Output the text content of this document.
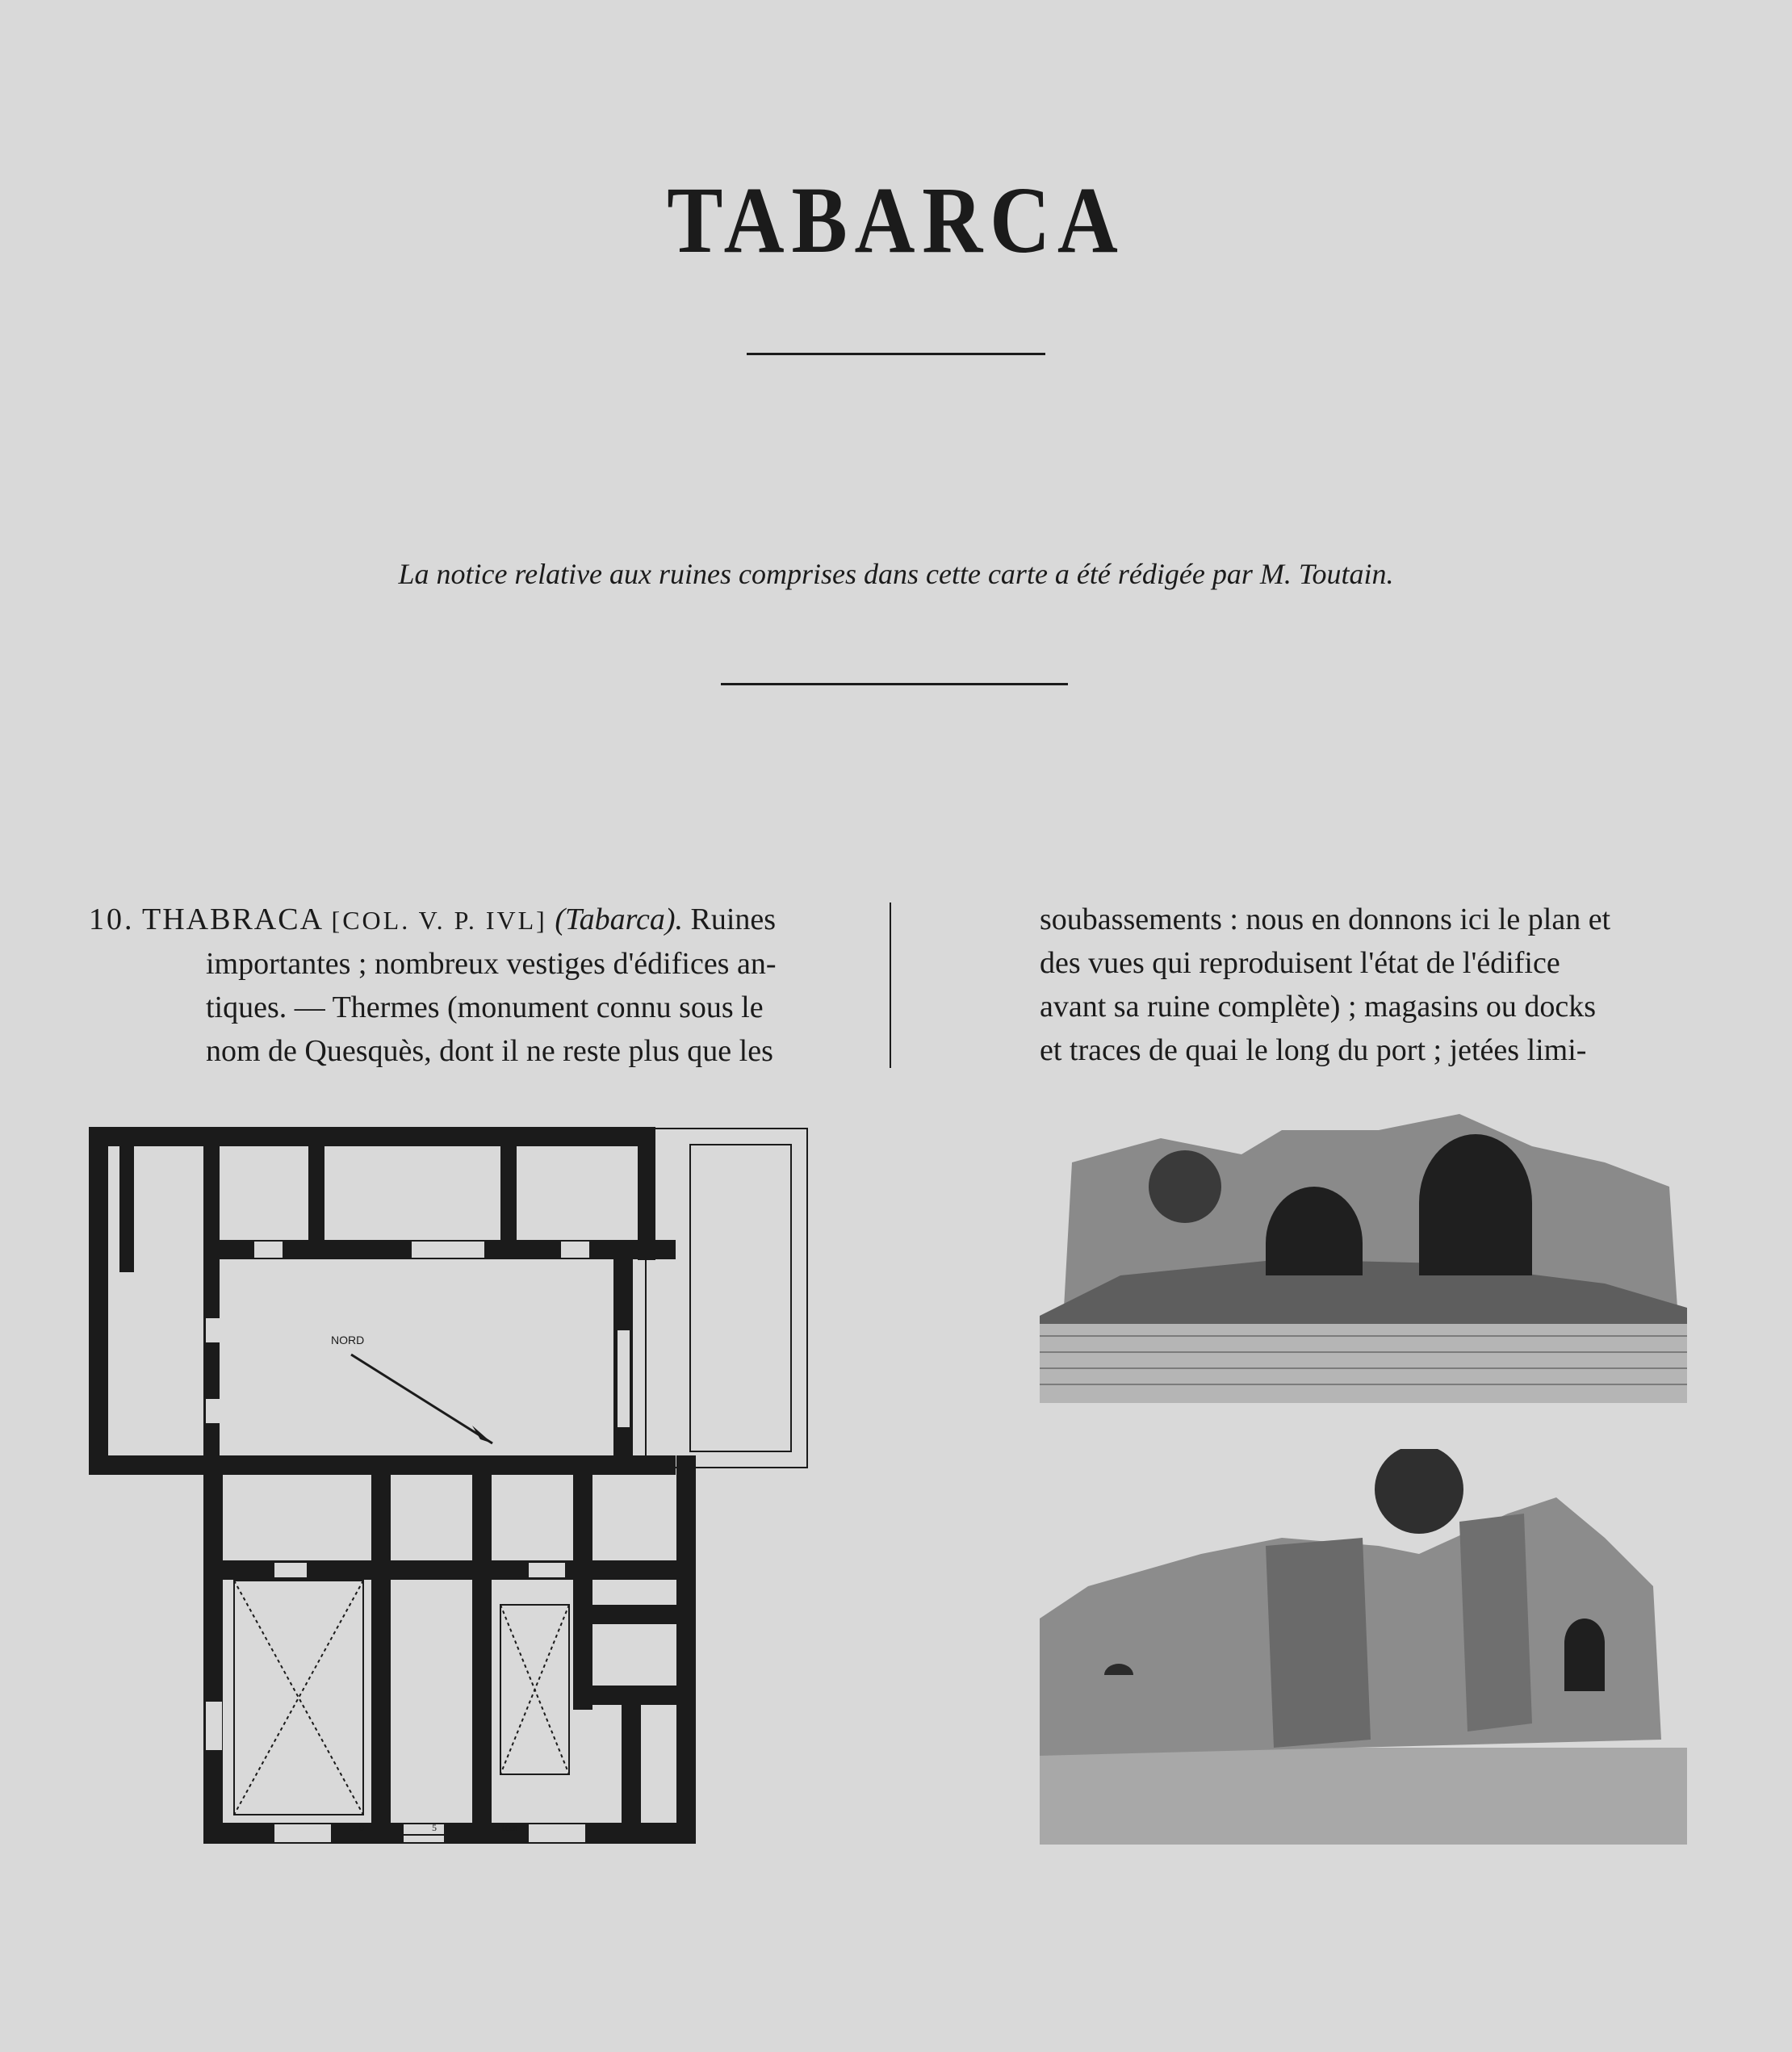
TABARCA
La notice relative aux ruines comprises dans cette carte a été rédigée par M. Toutain.
10. THABRACA [COL. V. P. IVL] (Tabarca). Ruines
importantes ; nombreux vestiges d'édifices an-
tiques. — Thermes (monument connu sous le
nom de Quesquès, dont il ne reste plus que les
soubassements : nous en donnons ici le plan et
des vues qui reproduisent l'état de l'édifice
avant sa ruine complète) ; magasins ou docks
et traces de quai le long du port ; jetées limi-
NORD
0	5	10m
